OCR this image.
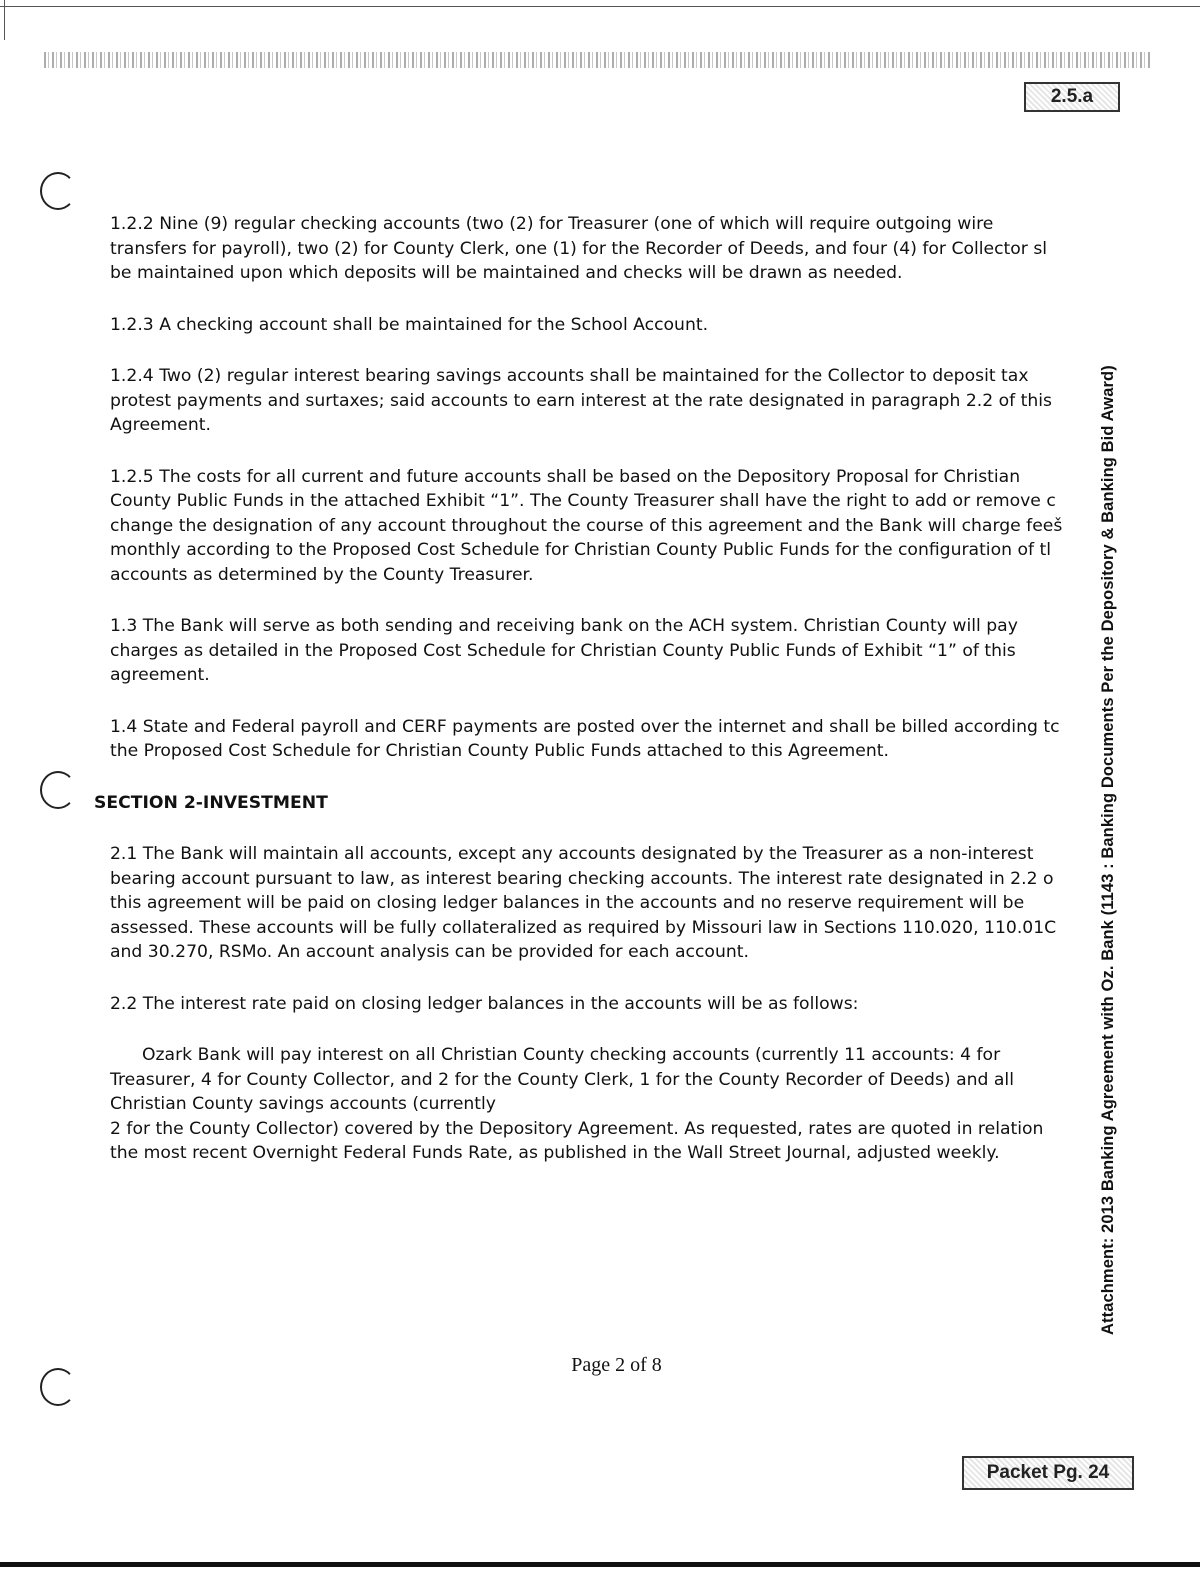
2.5.a

1.2.2 Nine (9) regular checking accounts (two (2) for Treasurer (one of which will require outgoing wire
transfers for payroll), two (2) for County Clerk, one (1) for the Recorder of Deeds, and four (4) for Collector sl
be maintained upon which deposits will be maintained and checks will be drawn as needed.

1.2.3 A checking account shall be maintained for the School Account.

1.2.4 Two (2) regular interest bearing savings accounts shall be maintained for the Collector to deposit tax
protest payments and surtaxes; said accounts to earn interest at the rate designated in paragraph 2.2 of this
Agreement.

1.2.5 The costs for all current and future accounts shall be based on the Depository Proposal for Christian
County Public Funds in the attached Exhibit “1”. The County Treasurer shall have the right to add or remove c
change the designation of any account throughout the course of this agreement and the Bank will charge feeš
monthly according to the Proposed Cost Schedule for Christian County Public Funds for the configuration of tl
accounts as determined by the County Treasurer.

1.3 The Bank will serve as both sending and receiving bank on the ACH system. Christian County will pay
charges as detailed in the Proposed Cost Schedule for Christian County Public Funds of Exhibit “1” of this
agreement.

1.4 State and Federal payroll and CERF payments are posted over the internet and shall be billed according tc
the Proposed Cost Schedule for Christian County Public Funds attached to this Agreement.

SECTION 2-INVESTMENT

2.1 The Bank will maintain all accounts, except any accounts designated by the Treasurer as a non-interest
bearing account pursuant to law, as interest bearing checking accounts. The interest rate designated in 2.2 o
this agreement will be paid on closing ledger balances in the accounts and no reserve requirement will be
assessed. These accounts will be fully collateralized as required by Missouri law in Sections 110.020, 110.01C
and 30.270, RSMo. An account analysis can be provided for each account.

2.2 The interest rate paid on closing ledger balances in the accounts will be as follows:

Ozark Bank will pay interest on all Christian County checking accounts (currently 11 accounts: 4 for
Treasurer, 4 for County Collector, and 2 for the County Clerk, 1 for the County Recorder of Deeds) and all
Christian County savings accounts (currently
2 for the County Collector) covered by the Depository Agreement. As requested, rates are quoted in relation
the most recent Overnight Federal Funds Rate, as published in the Wall Street Journal, adjusted weekly.

Page 2 of 8
Attachment: 2013 Banking Agreement with Oz. Bank (1143 : Banking Documents Per the Depository & Banking Bid Award)
Packet Pg. 24
